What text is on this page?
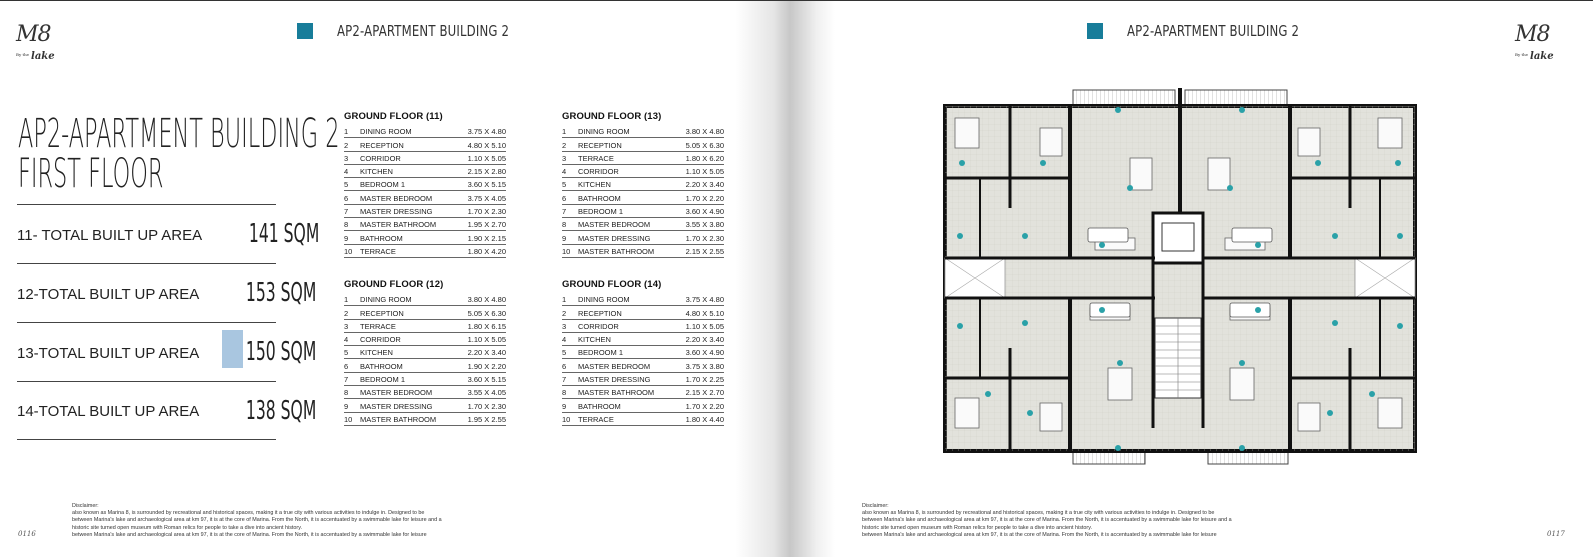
M8
By the lake
AP2-APARTMENT BUILDING 2
AP2-APARTMENT BUILDING 2
FIRST FLOOR
11- TOTAL BUILT UP AREA 141 SQM
12-TOTAL BUILT UP AREA 153 SQM
13-TOTAL BUILT UP AREA 150 SQM
14-TOTAL BUILT UP AREA 138 SQM
GROUND FLOOR (11)
1	DINING ROOM	3.75 X 4.80
2	RECEPTION	4.80 X 5.10
3	CORRIDOR	1.10 X 5.05
4	KITCHEN	2.15 X 2.80
5	BEDROOM 1	3.60 X 5.15
6	MASTER BEDROOM	3.75 X 4.05
7	MASTER DRESSING	1.70 X 2.30
8	MASTER BATHROOM	1.95 X 2.70
9	BATHROOM	1.90 X 2.15
10	TERRACE	1.80 X 4.20
GROUND FLOOR (12)
1	DINING ROOM	3.80 X 4.80
2	RECEPTION	5.05 X 6.30
3	TERRACE	1.80 X 6.15
4	CORRIDOR	1.10 X 5.05
5	KITCHEN	2.20 X 3.40
6	BATHROOM	1.90 X 2.20
7	BEDROOM 1	3.60 X 5.15
8	MASTER BEDROOM	3.55 X 4.05
9	MASTER DRESSING	1.70 X 2.30
10	MASTER BATHROOM	1.95 X 2.55
GROUND FLOOR (13)
1	DINING ROOM	3.80 X 4.80
2	RECEPTION	5.05 X 6.30
3	TERRACE	1.80 X 6.20
4	CORRIDOR	1.10 X 5.05
5	KITCHEN	2.20 X 3.40
6	BATHROOM	1.70 X 2.20
7	BEDROOM 1	3.60 X 4.90
8	MASTER BEDROOM	3.55 X 3.80
9	MASTER DRESSING	1.70 X 2.30
10	MASTER BATHROOM	2.15 X 2.55
GROUND FLOOR (14)
1	DINING ROOM	3.75 X 4.80
2	RECEPTION	4.80 X 5.10
3	CORRIDOR	1.10 X 5.05
4	KITCHEN	2.20 X 3.40
5	BEDROOM 1	3.60 X 4.90
6	MASTER BEDROOM	3.75 X 3.80
7	MASTER DRESSING	1.70 X 2.25
8	MASTER BATHROOM	2.15 X 2.70
9	BATHROOM	1.70 X 2.20
10	TERRACE	1.80 X 4.40
Disclaimer:
also known as Marina 8, is surrounded by recreational and historical spaces, making it a true city with various activities to indulge in. Designed to be
between Marina's lake and archaeological area at km 97, it is at the core of Marina. From the North, it is accentuated by a swimmable lake for leisure and a
historic site turned open museum with Roman relics for people to take a dive into ancient history.
between Marina's lake and archaeological area at km 97, it is at the core of Marina. From the North, it is accentuated by a swimmable lake for leisure
0116
AP2-APARTMENT BUILDING 2	M8
By the lake
Disclaimer:
also known as Marina 8, is surrounded by recreational and historical spaces, making it a true city with various activities to indulge in. Designed to be
between Marina's lake and archaeological area at km 97, it is at the core of Marina. From the North, it is accentuated by a swimmable lake for leisure and a
historic site turned open museum with Roman relics for people to take a dive into ancient history.
between Marina's lake and archaeological area at km 97, it is at the core of Marina. From the North, it is accentuated by a swimmable lake for leisure	0117
